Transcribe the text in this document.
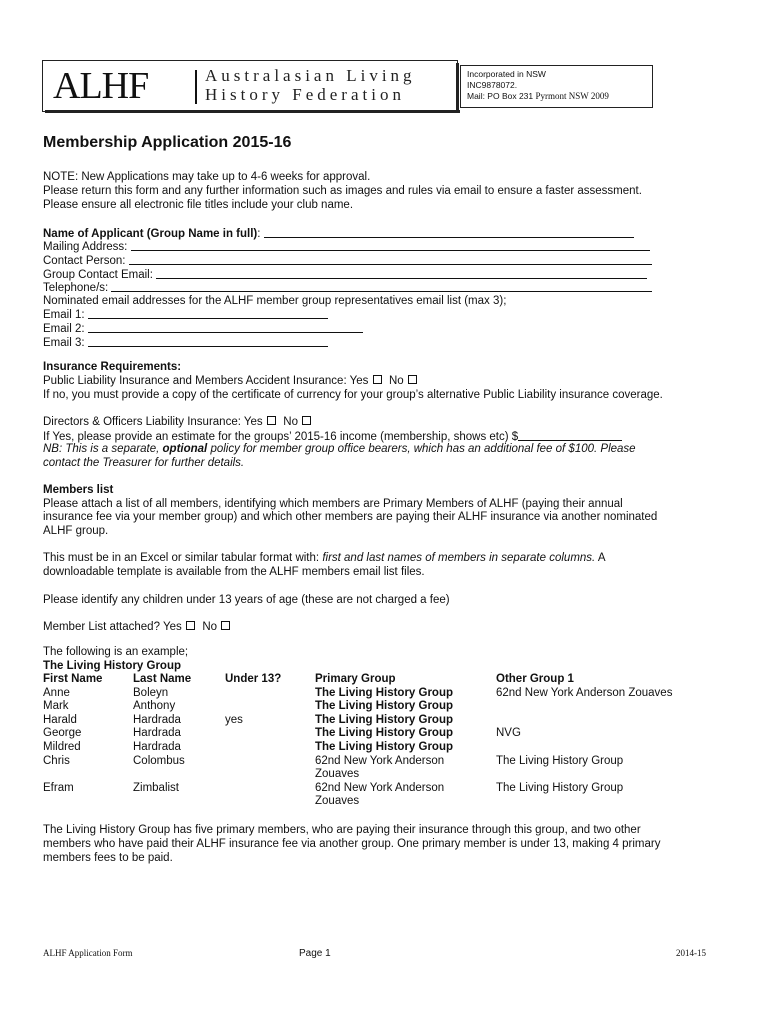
ALHF	Australasian Living
History Federation
Incorporated in NSW
INC9878072.
Mail: PO Box 231 Pyrmont NSW 2009
Membership Application 2015-16
NOTE: New Applications may take up to 4-6 weeks for approval.
Please return this form and any further information such as images and rules via email to ensure a faster assessment.
Please ensure all electronic file titles include your club name.
Name of Applicant (Group Name in full):
Mailing Address:
Contact Person:
Group Contact Email:
Telephone/s:
Nominated email addresses for the ALHF member group representatives email list (max 3);
Email 1:
Email 2:
Email 3:
Insurance Requirements:
Public Liability Insurance and Members Accident Insurance: Yes No
If no, you must provide a copy of the certificate of currency for your group’s alternative Public Liability insurance coverage.
Directors & Officers Liability Insurance: Yes No
If Yes, please provide an estimate for the groups’ 2015-16 income (membership, shows etc) $
NB: This is a separate, optional policy for member group office bearers, which has an additional fee of $100. Please
contact the Treasurer for further details.
Members list
Please attach a list of all members, identifying which members are Primary Members of ALHF (paying their annual
insurance fee via your member group) and which other members are paying their ALHF insurance via another nominated
ALHF group.
This must be in an Excel or similar tabular format with: first and last names of members in separate columns. A
downloadable template is available from the ALHF members email list files.
Please identify any children under 13 years of age (these are not charged a fee)
Member List attached? Yes No
The following is an example;
The Living History Group
First Name	Last Name	Under 13?	Primary Group	Other Group 1
Anne	Boleyn		The Living History Group	62nd New York Anderson Zouaves
Mark	Anthony		The Living History Group	
Harald	Hardrada	yes	The Living History Group	
George	Hardrada		The Living History Group	NVG
Mildred	Hardrada		The Living History Group	
Chris	Colombus		62nd New York Anderson Zouaves	The Living History Group
Efram	Zimbalist		62nd New York Anderson Zouaves	The Living History Group
The Living History Group has five primary members, who are paying their insurance through this group, and two other
members who have paid their ALHF insurance fee via another group. One primary member is under 13, making 4 primary
members fees to be paid.
ALHF Application Form	Page 1	2014-15
